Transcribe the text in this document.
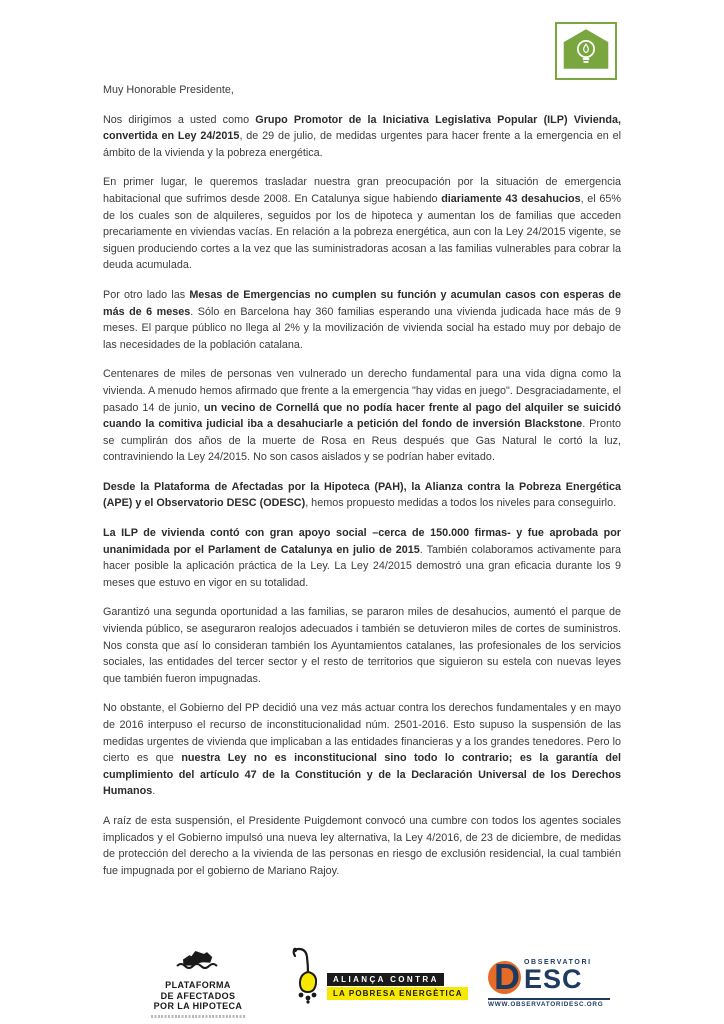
Muy Honorable Presidente,

Nos dirigimos a usted como Grupo Promotor de la Iniciativa Legislativa Popular (ILP) Vivienda, convertida en Ley 24/2015, de 29 de julio, de medidas urgentes para hacer frente a la emergencia en el ámbito de la vivienda y la pobreza energética.

En primer lugar, le queremos trasladar nuestra gran preocupación por la situación de emergencia habitacional que sufrimos desde 2008. En Catalunya sigue habiendo diariamente 43 desahucios, el 65% de los cuales son de alquileres, seguidos por los de hipoteca y aumentan los de familias que acceden precariamente en viviendas vacías. En relación a la pobreza energética, aun con la Ley 24/2015 vigente, se siguen produciendo cortes a la vez que las suministradoras acosan a las familias vulnerables para cobrar la deuda acumulada.

Por otro lado las Mesas de Emergencias no cumplen su función y acumulan casos con esperas de más de 6 meses. Sólo en Barcelona hay 360 familias esperando una vivienda judicada hace más de 9 meses. El parque público no llega al 2% y la movilización de vivienda social ha estado muy por debajo de las necesidades de la población catalana.

Centenares de miles de personas ven vulnerado un derecho fundamental para una vida digna como la vivienda. A menudo hemos afirmado que frente a la emergencia "hay vidas en juego". Desgraciadamente, el pasado 14 de junio, un vecino de Cornellá que no podía hacer frente al pago del alquiler se suicidó cuando la comitiva judicial iba a desahuciarle a petición del fondo de inversión Blackstone. Pronto se cumplirán dos años de la muerte de Rosa en Reus después que Gas Natural le cortó la luz, contraviniendo la Ley 24/2015. No son casos aislados y se podrían haber evitado.

Desde la Plataforma de Afectadas por la Hipoteca (PAH), la Alianza contra la Pobreza Energética (APE) y el Observatorio DESC (ODESC), hemos propuesto medidas a todos los niveles para conseguirlo.

La ILP de vivienda contó con gran apoyo social –cerca de 150.000 firmas- y fue aprobada por unanimidada por el Parlament de Catalunya en julio de 2015. También colaboramos activamente para hacer posible la aplicación práctica de la Ley. La Ley 24/2015 demostró una gran eficacia durante los 9 meses que estuvo en vigor en su totalidad.

Garantizó una segunda oportunidad a las familias, se pararon miles de desahucios, aumentó el parque de vivienda público, se aseguraron realojos adecuados i también se detuvieron miles de cortes de suministros. Nos consta que así lo consideran también los Ayuntamientos catalanes, las profesionales de los servicios sociales, las entidades del tercer sector y el resto de territorios que siguieron su estela con nuevas leyes que también fueron impugnadas.

No obstante, el Gobierno del PP decidió una vez más actuar contra los derechos fundamentales y en mayo de 2016 interpuso el recurso de inconstitucionalidad núm. 2501-2016. Esto supuso la suspensión de las medidas urgentes de vivienda que implicaban a las entidades financieras y a los grandes tenedores. Pero lo cierto es que nuestra Ley no es inconstitucional sino todo lo contrario; es la garantía del cumplimiento del artículo 47 de la Constitución y de la Declaración Universal de los Derechos Humanos.

A raíz de esta suspensión, el Presidente Puigdemont convocó una cumbre con todos los agentes sociales implicados y el Gobierno impulsó una nueva ley alternativa, la Ley 4/2016, de 23 de diciembre, de medidas de protección del derecho a la vivienda de las personas en riesgo de exclusión residencial, la cual también fue impugnada por el gobierno de Mariano Rajoy.

PLATAFORMA
DE AFECTADOS
POR LA HIPOTECA
ALIANÇA CONTRA
LA POBRESA ENERGÈTICA D OBSERVATORI
ESC
WWW.OBSERVATORIDESC.ORG
